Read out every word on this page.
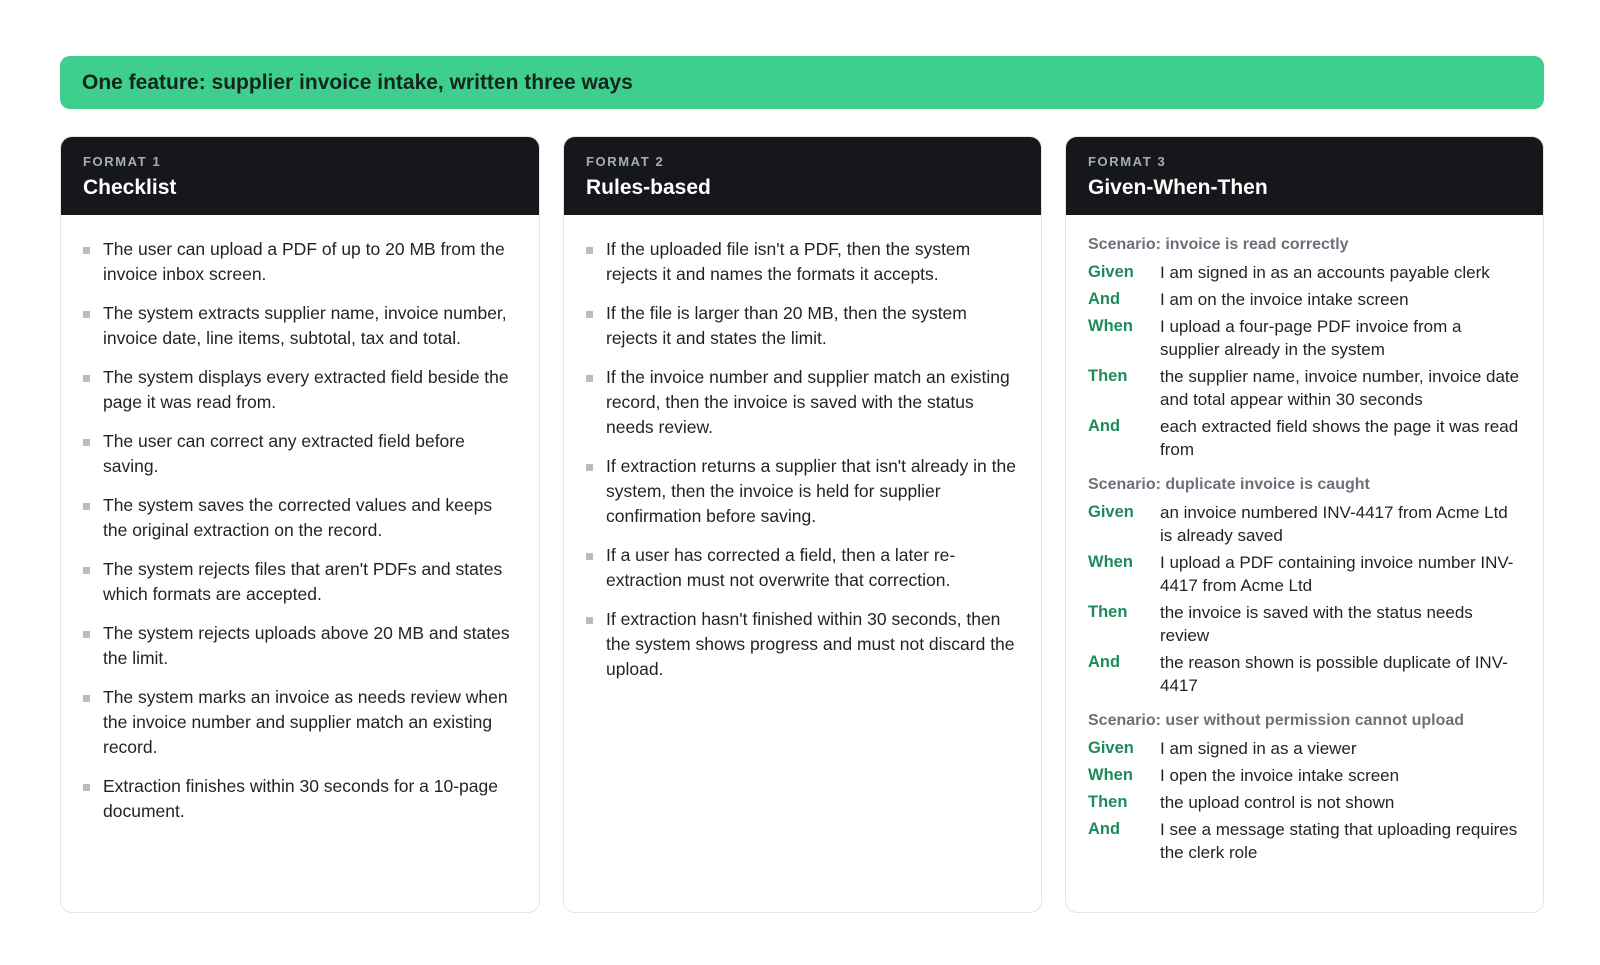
One feature: supplier invoice intake, written three ways
FORMAT 1
Checklist
The user can upload a PDF of up to 20 MB from the invoice inbox screen.
The system extracts supplier name, invoice number, invoice date, line items, subtotal, tax and total.
The system displays every extracted field beside the page it was read from.
The user can correct any extracted field before saving.
The system saves the corrected values and keeps the original extraction on the record.
The system rejects files that aren't PDFs and states which formats are accepted.
The system rejects uploads above 20 MB and states the limit.
The system marks an invoice as needs review when the invoice number and supplier match an existing record.
Extraction finishes within 30 seconds for a 10-page document.
FORMAT 2
Rules-based
If the uploaded file isn't a PDF, then the system rejects it and names the formats it accepts.
If the file is larger than 20 MB, then the system rejects it and states the limit.
If the invoice number and supplier match an existing record, then the invoice is saved with the status needs review.
If extraction returns a supplier that isn't already in the system, then the invoice is held for supplier confirmation before saving.
If a user has corrected a field, then a later re-extraction must not overwrite that correction.
If extraction hasn't finished within 30 seconds, then the system shows progress and must not discard the upload.
FORMAT 3
Given-When-Then
Scenario: invoice is read correctly
Given	I am signed in as an accounts payable clerk
And	I am on the invoice intake screen
When	I upload a four-page PDF invoice from a supplier already in the system
Then	the supplier name, invoice number, invoice date and total appear within 30 seconds
And	each extracted field shows the page it was read from
Scenario: duplicate invoice is caught
Given	an invoice numbered INV-4417 from Acme Ltd is already saved
When	I upload a PDF containing invoice number INV-4417 from Acme Ltd
Then	the invoice is saved with the status needs review
And	the reason shown is possible duplicate of INV-4417
Scenario: user without permission cannot upload
Given	I am signed in as a viewer
When	I open the invoice intake screen
Then	the upload control is not shown
And	I see a message stating that uploading requires the clerk role
